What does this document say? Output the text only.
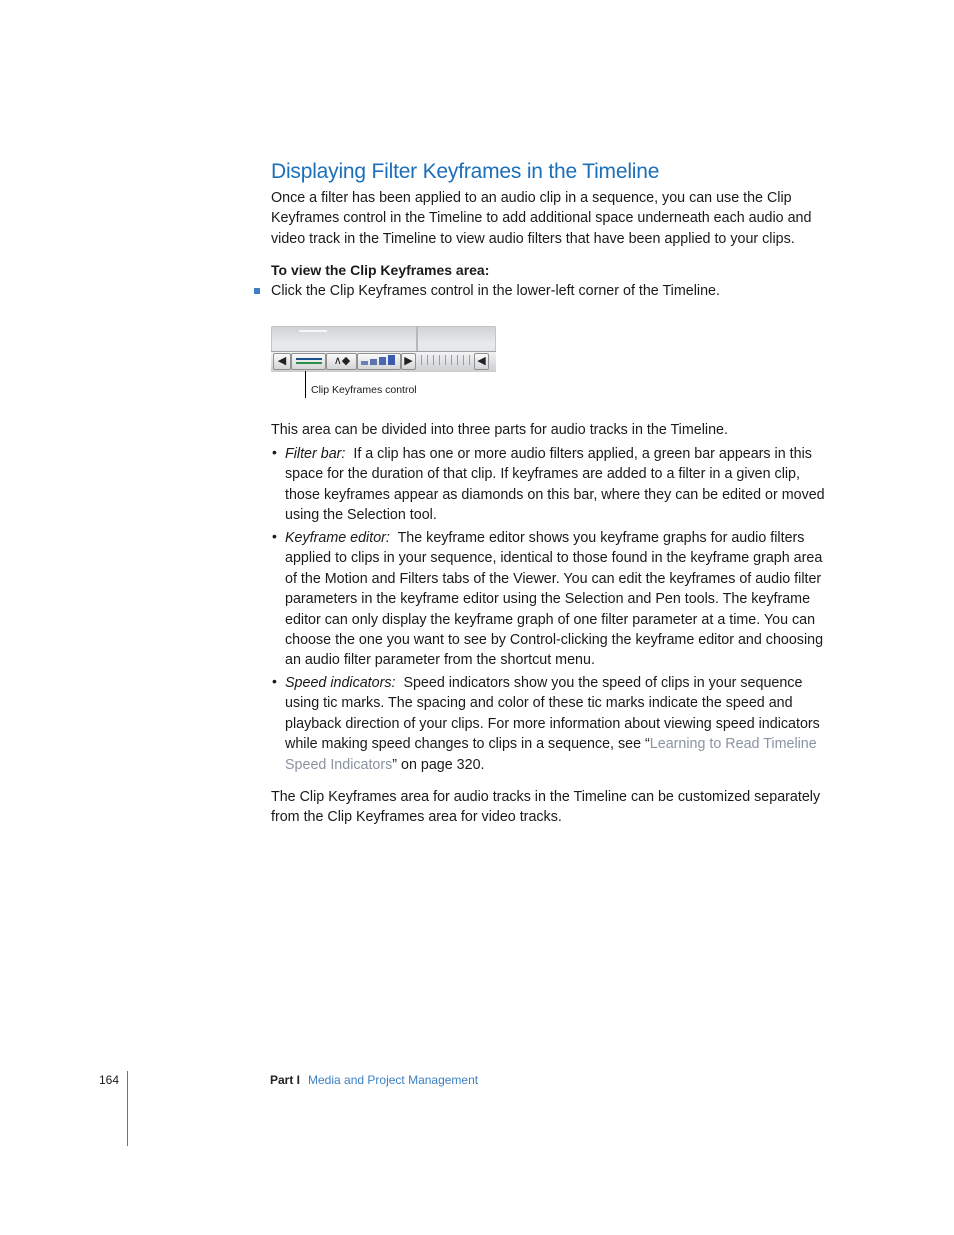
Displaying Filter Keyframes in the Timeline

Once a filter has been applied to an audio clip in a sequence, you can use the Clip Keyframes control in the Timeline to add additional space underneath each audio and video track in the Timeline to view audio filters that have been applied to your clips.

To view the Clip Keyframes area:

Click the Clip Keyframes control in the lower-left corner of the Timeline.

◀	∧◆	▶	◀

Clip Keyframes control

This area can be divided into three parts for audio tracks in the Timeline.

• Filter bar: If a clip has one or more audio filters applied, a green bar appears in this space for the duration of that clip. If keyframes are added to a filter in a given clip, those keyframes appear as diamonds on this bar, where they can be edited or moved using the Selection tool.

• Keyframe editor: The keyframe editor shows you keyframe graphs for audio filters applied to clips in your sequence, identical to those found in the keyframe graph area of the Motion and Filters tabs of the Viewer. You can edit the keyframes of audio filter parameters in the keyframe editor using the Selection and Pen tools. The keyframe editor can only display the keyframe graph of one filter parameter at a time. You can choose the one you want to see by Control-clicking the keyframe editor and choosing an audio filter parameter from the shortcut menu.

• Speed indicators: Speed indicators show you the speed of clips in your sequence using tic marks. The spacing and color of these tic marks indicate the speed and playback direction of your clips. For more information about viewing speed indicators while making speed changes to clips in a sequence, see “Learning to Read Timeline Speed Indicators” on page 320.

The Clip Keyframes area for audio tracks in the Timeline can be customized separately from the Clip Keyframes area for video tracks.

164	Part I Media and Project Management
